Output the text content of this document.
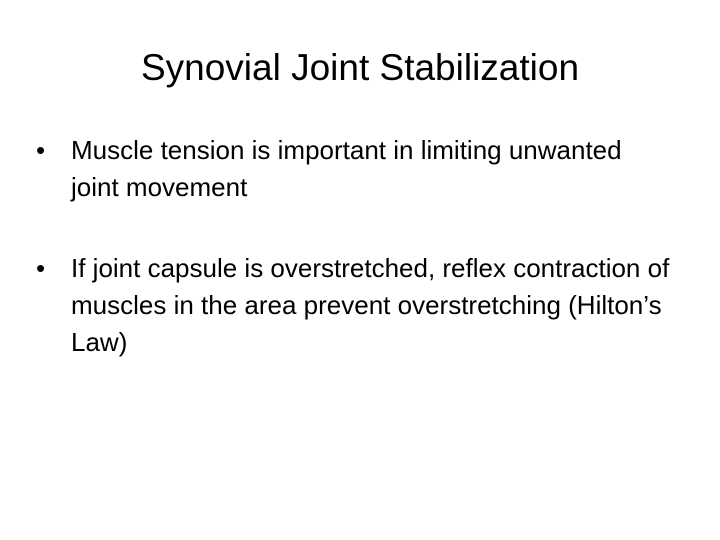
Synovial Joint Stabilization
• Muscle tension is important in limiting unwanted joint movement
• If joint capsule is overstretched, reflex contraction of muscles in the area prevent overstretching (Hilton’s Law)
